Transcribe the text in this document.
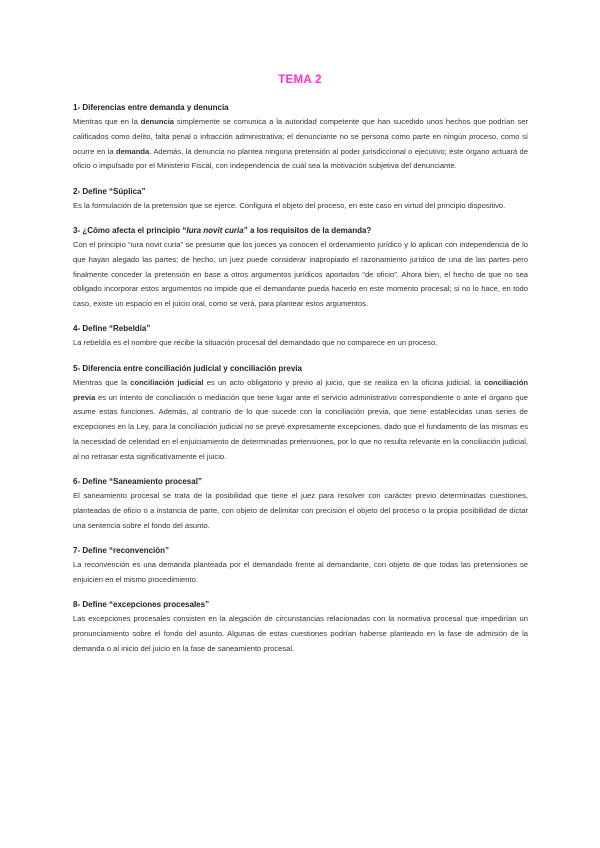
TEMA 2
1- Diferencias entre demanda y denuncia

Mientras que en la denuncia simplemente se comunica a la autoridad competente que han sucedido unos hechos que podrían ser calificados como delito, falta penal o infracción administrativa; el denunciante no se persona como parte en ningún proceso, como sí ocurre en la demanda. Además, la denuncia no plantea ninguna pretensión al poder jurisdiccional o ejecutivo; éste órgano actuará de oficio o impulsado por el Ministerio Fiscal, con independencia de cuál sea la motivación subjetiva del denunciante.

2- Define “Súplica”

Es la formulación de la pretensión que se ejerce. Configura el objeto del proceso, en este caso en virtud del principio dispositivo.

3- ¿Cómo afecta el principio “Iura novit curia” a los requisitos de la demanda?

Con el principio “iura novit curia” se presume que los jueces ya conocen el ordenamiento jurídico y lo aplican con independencia de lo que hayan alegado las partes; de hecho, un juez puede considerar inapropiado el razonamiento jurídico de una de las partes pero finalmente conceder la pretensión en base a otros argumentos jurídicos aportados “de oficio”. Ahora bien, el hecho de que no sea obligado incorporar estos argumentos no impide que el demandante pueda hacerlo en este momento procesal; si no lo hace, en todo caso, existe un espacio en el juicio oral, como se verá, para plantear estos argumentos.

4- Define “Rebeldía”

La rebeldía es el nombre que recibe la situación procesal del demandado que no comparece en un proceso.

5- Diferencia entre conciliación judicial y conciliación previa

Mientras que la conciliación judicial es un acto obligatorio y previo al juicio, que se realiza en la oficina judicial, la conciliación previa es un intento de conciliación o mediación que tiene lugar ante el servicio administrativo correspondiente o ante el órgano que asume estas funciones. Además, al contrario de lo que sucede con la conciliación previa, que tiene establecidas unas series de excepciones en la Ley, para la conciliación judicial no se prevé expresamente excepciones, dado que el fundamento de las mismas es la necesidad de celeridad en el enjuiciamiento de determinadas pretensiones, por lo que no resulta relevante en la conciliación judicial, al no retrasar esta significativamente el juicio.

6- Define “Saneamiento procesal”

El saneamiento procesal se trata de la posibilidad que tiene el juez para resolver con carácter previo determinadas cuestiones, planteadas de oficio o a instancia de parte, con objeto de delimitar con precisión el objeto del proceso o la propia posibilidad de dictar una sentencia sobre el fondo del asunto.

7- Define “reconvención”

La reconvención es una demanda planteada por el demandado frente al demandante, con objeto de que todas las pretensiones se enjuicien en el mismo procedimiento.

8- Define “excepciones procesales”

Las excepciones procesales consisten en la alegación de circunstancias relacionadas con la normativa procesal que impedirían un pronunciamiento sobre el fondo del asunto. Algunas de estas cuestiones podrían haberse planteado en la fase de admisión de la demanda o al inicio del juicio en la fase de saneamiento procesal.
